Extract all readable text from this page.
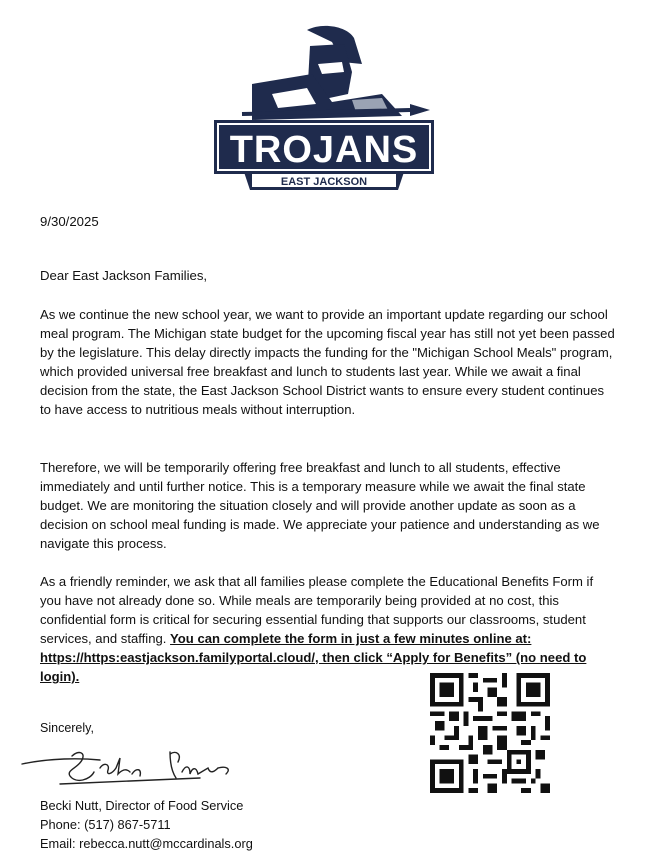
TROJANS
EAST JACKSON
9/30/2025
Dear East Jackson Families,

As we continue the new school year, we want to provide an important update regarding our school meal program. The Michigan state budget for the upcoming fiscal year has still not yet been passed by the legislature. This delay directly impacts the funding for the "Michigan School Meals" program, which provided universal free breakfast and lunch to students last year. While we await a final decision from the state, the East Jackson School District wants to ensure every student continues to have access to nutritious meals without interruption.

Therefore, we will be temporarily offering free breakfast and lunch to all students, effective immediately and until further notice. This is a temporary measure while we await the final state budget. We are monitoring the situation closely and will provide another update as soon as a decision on school meal funding is made. We appreciate your patience and understanding as we navigate this process.

As a friendly reminder, we ask that all families please complete the Educational Benefits Form if you have not already done so. While meals are temporarily being provided at no cost, this confidential form is critical for securing essential funding that supports our classrooms, student services, and staffing. You can complete the form in just a few minutes online at: https://https:eastjackson.familyportal.cloud/, then click “Apply for Benefits” (no need to login).

Sincerely,
Becki Nutt, Director of Food Service
Phone: (517) 867-5711
Email: rebecca.nutt@mccardinals.org
